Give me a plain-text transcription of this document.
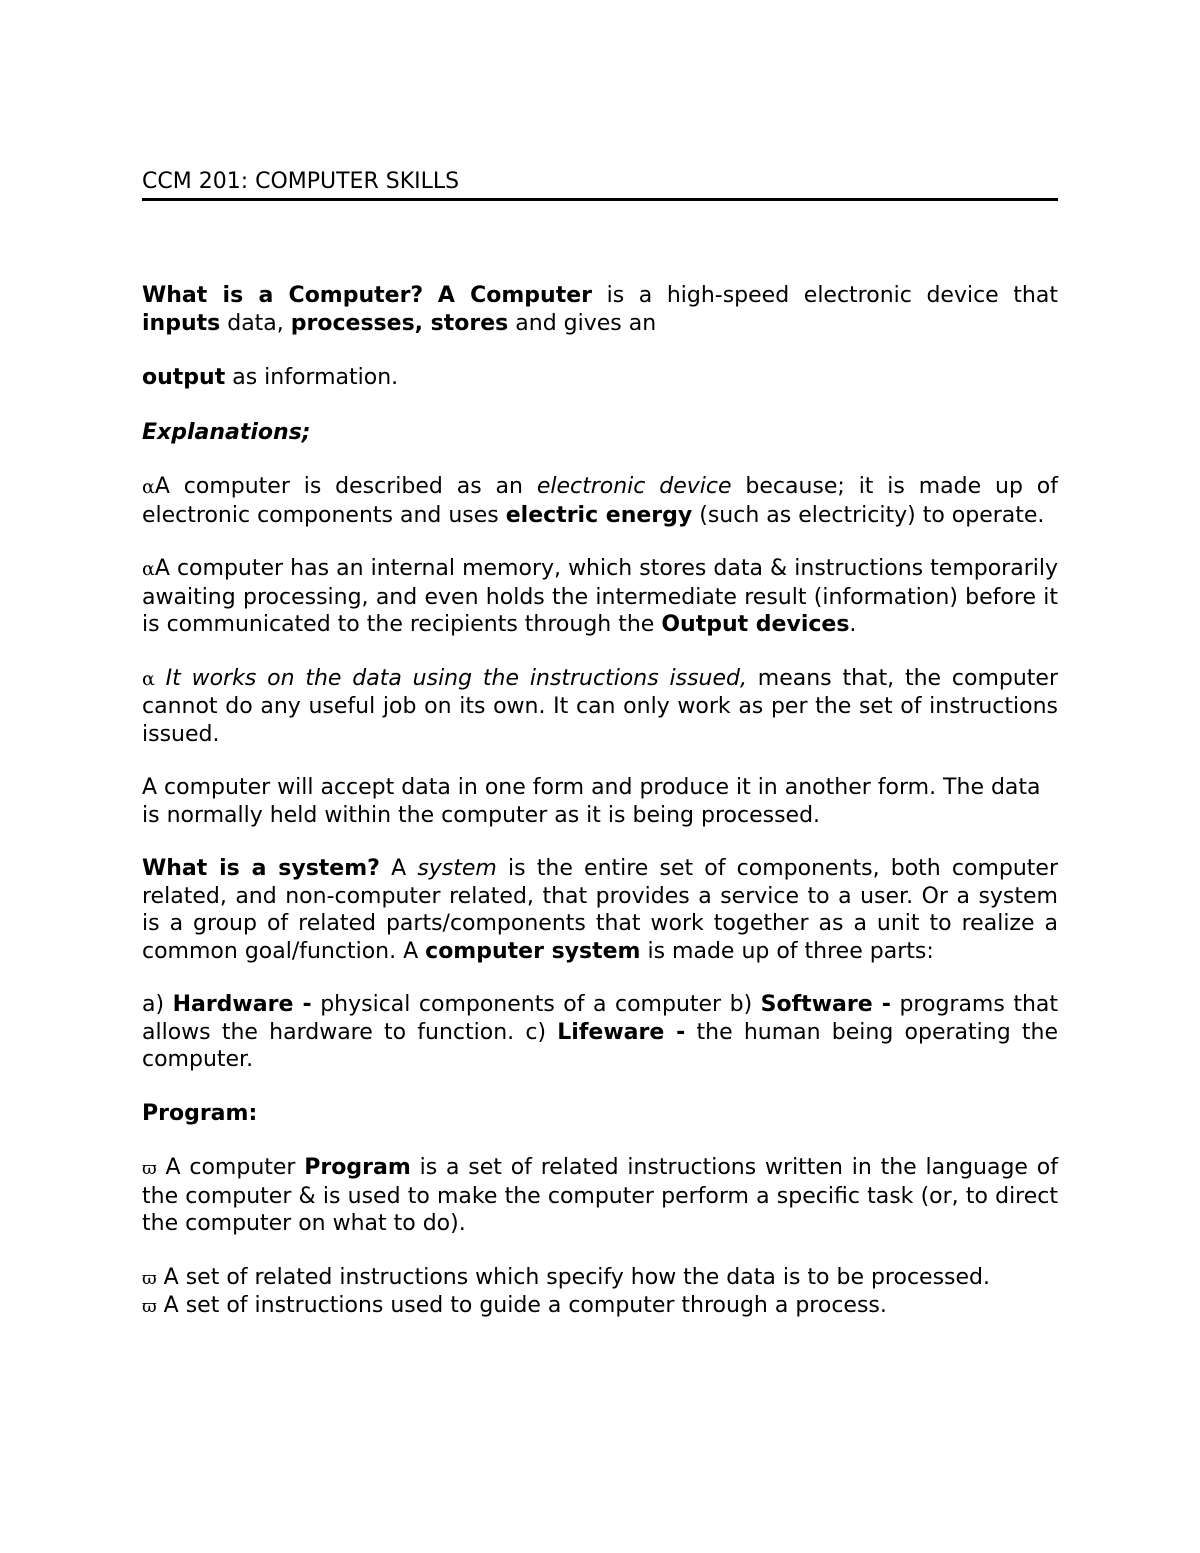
CCM 201: COMPUTER SKILLS

What is a Computer? A Computer is a high-speed electronic device that inputs data, processes, stores and gives an

output as information.

Explanations;

αA computer is described as an electronic device because; it is made up of electronic components and uses electric energy (such as electricity) to operate.

αA computer has an internal memory, which stores data & instructions temporarily awaiting processing, and even holds the intermediate result (information) before it is communicated to the recipients through the Output devices.

α It works on the data using the instructions issued, means that, the computer cannot do any useful job on its own. It can only work as per the set of instructions issued.

A computer will accept data in one form and produce it in another form. The data is normally held within the computer as it is being processed.

What is a system? A system is the entire set of components, both computer related, and non-computer related, that provides a service to a user. Or a system is a group of related parts/components that work together as a unit to realize a common goal/function. A computer system is made up of three parts:

a) Hardware - physical components of a computer b) Software - programs that allows the hardware to function. c) Lifeware - the human being operating the computer.

Program:

ϖ A computer Program is a set of related instructions written in the language of the computer & is used to make the computer perform a specific task (or, to direct the computer on what to do).

ϖ A set of related instructions which specify how the data is to be processed.

ϖ A set of instructions used to guide a computer through a process.
